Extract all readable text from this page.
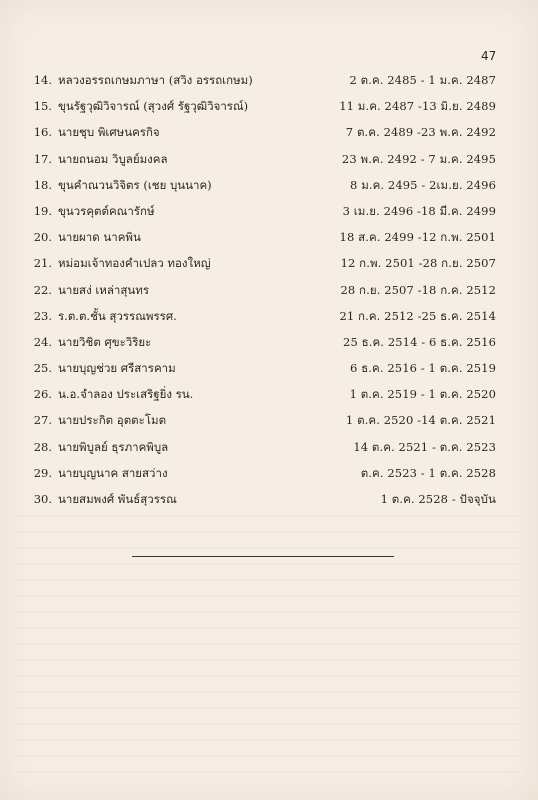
47
14. หลวงอรรถเกษมภาษา (สวิง อรรถเกษม)	2 ต.ค. 2485 - 1 ม.ค. 2487
15. ขุนรัฐวุฒิวิจารณ์ (สุวงศ์ รัฐวุฒิวิจารณ์)	11 ม.ค. 2487 -13 มิ.ย. 2489
16. นายชุบ พิเศษนครกิจ	7 ต.ค. 2489 -23 พ.ค. 2492
17. นายถนอม วิบูลย์มงคล	23 พ.ค. 2492 - 7 ม.ค. 2495
18. ขุนคำณวนวิจิตร (เชย บุนนาค)	8 ม.ค. 2495 - 2เม.ย. 2496
19. ขุนวรคุตต์คณารักษ์	3 เม.ย. 2496 -18 มี.ค. 2499
20. นายผาด นาคพิน	18 ส.ค. 2499 -12 ก.พ. 2501
21. หม่อมเจ้าทองคำเปลว ทองใหญ่	12 ก.พ. 2501 -28 ก.ย. 2507
22. นายสง่ เหล่าสุนทร	28 ก.ย. 2507 -18 ก.ค. 2512
23. ร.ต.ต.ชั้น สุวรรณพรรศ.	21 ก.ค. 2512 -25 ธ.ค. 2514
24. นายวิชิต ศุขะวิริยะ	25 ธ.ค. 2514 - 6 ธ.ค. 2516
25. นายบุญช่วย ศรีสารคาม	6 ธ.ค. 2516 - 1 ต.ค. 2519
26. น.อ.จำลอง ประเสริฐยิ่ง รน.	1 ต.ค. 2519 - 1 ต.ค. 2520
27. นายประกิต อุตตะโมต	1 ต.ค. 2520 -14 ต.ค. 2521
28. นายพิบูลย์ ธุรภาคพิบูล	14 ต.ค. 2521 - ต.ค. 2523
29. นายบุญนาค สายสว่าง	ต.ค. 2523 - 1 ต.ค. 2528
30. นายสมพงศ์ พันธ์สุวรรณ	1 ต.ค. 2528 - ปัจจุบัน
